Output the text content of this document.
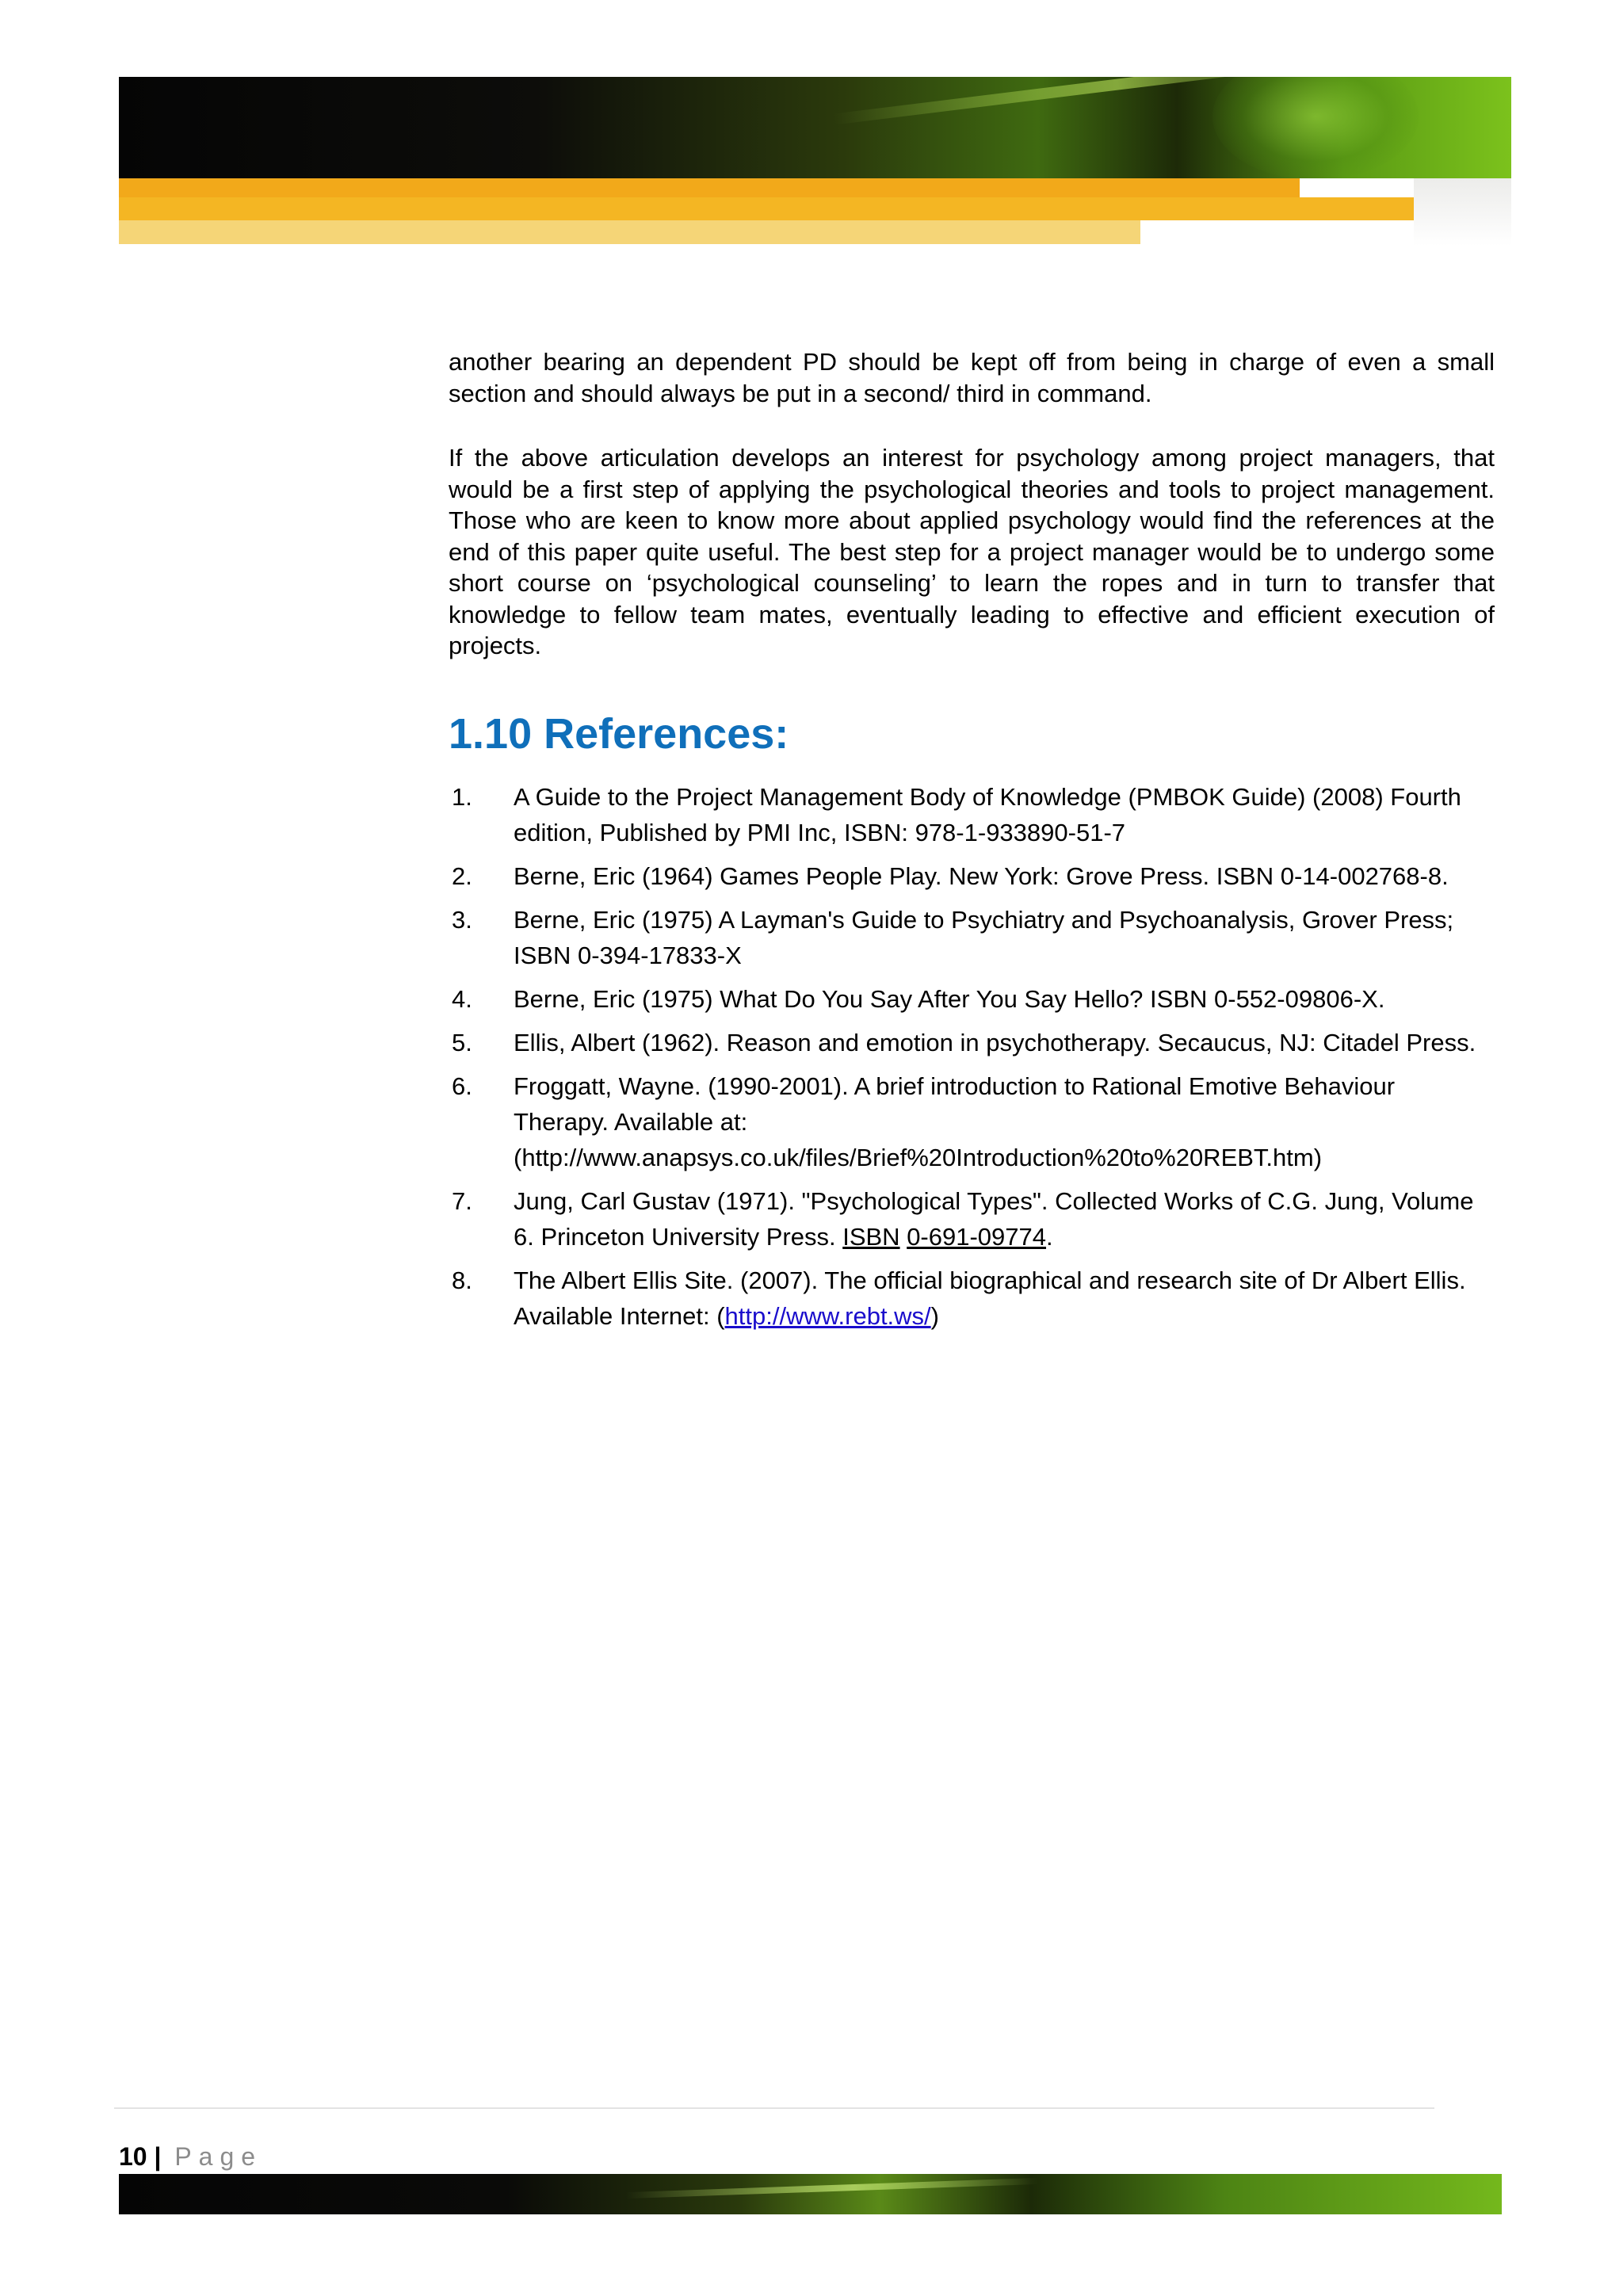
another bearing an dependent PD should be kept off from being in charge of even a small section and should always be put in a second/ third in command.

If the above articulation develops an interest for psychology among project managers, that would be a first step of applying the psychological theories and tools to project management. Those who are keen to know more about applied psychology would find the references at the end of this paper quite useful. The best step for a project manager would be to undergo some short course on ‘psychological counseling’ to learn the ropes and in turn to transfer that knowledge to fellow team mates, eventually leading to effective and efficient execution of projects.

1.10 References:
1. A Guide to the Project Management Body of Knowledge (PMBOK Guide) (2008) Fourth edition, Published by PMI Inc, ISBN: 978-1-933890-51-7
2. Berne, Eric (1964) Games People Play. New York: Grove Press. ISBN 0-14-002768-8.
3. Berne, Eric (1975) A Layman's Guide to Psychiatry and Psychoanalysis, Grover Press; ISBN 0-394-17833-X
4. Berne, Eric (1975) What Do You Say After You Say Hello? ISBN 0-552-09806-X.
5. Ellis, Albert (1962). Reason and emotion in psychotherapy. Secaucus, NJ: Citadel Press.
6. Froggatt, Wayne. (1990-2001). A brief introduction to Rational Emotive Behaviour Therapy. Available at: (http://www.anapsys.co.uk/files/Brief%20Introduction%20to%20REBT.htm)
7. Jung, Carl Gustav (1971). "Psychological Types". Collected Works of C.G. Jung, Volume 6. Princeton University Press. ISBN 0-691-09774.
8. The Albert Ellis Site. (2007). The official biographical and research site of Dr Albert Ellis. Available Internet: (http://www.rebt.ws/)
10 | Page
